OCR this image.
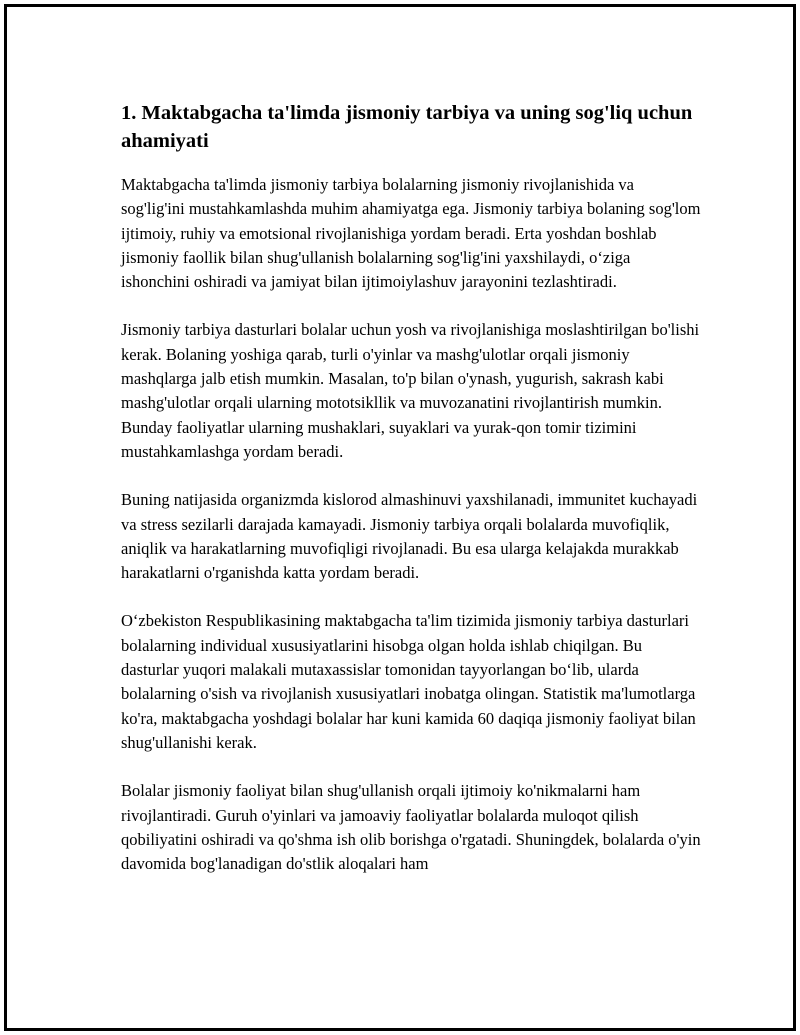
1. Maktabgacha ta'limda jismoniy tarbiya va uning sog'liq uchun ahamiyati

Maktabgacha ta'limda jismoniy tarbiya bolalarning jismoniy rivojlanishida va sog'lig'ini mustahkamlashda muhim ahamiyatga ega. Jismoniy tarbiya bolaning sog'lom ijtimoiy, ruhiy va emotsional rivojlanishiga yordam beradi. Erta yoshdan boshlab jismoniy faollik bilan shug'ullanish bolalarning sog'lig'ini yaxshilaydi, o‘ziga ishonchini oshiradi va jamiyat bilan ijtimoiylashuv jarayonini tezlashtiradi.

Jismoniy tarbiya dasturlari bolalar uchun yosh va rivojlanishiga moslashtirilgan bo'lishi kerak. Bolaning yoshiga qarab, turli o'yinlar va mashg'ulotlar orqali jismoniy mashqlarga jalb etish mumkin. Masalan, to'p bilan o'ynash, yugurish, sakrash kabi mashg'ulotlar orqali ularning mototsikllik va muvozanatini rivojlantirish mumkin. Bunday faoliyatlar ularning mushaklari, suyaklari va yurak-qon tomir tizimini mustahkamlashga yordam beradi.

Buning natijasida organizmda kislorod almashinuvi yaxshilanadi, immunitet kuchayadi va stress sezilarli darajada kamayadi. Jismoniy tarbiya orqali bolalarda muvofiqlik, aniqlik va harakatlarning muvofiqligi rivojlanadi. Bu esa ularga kelajakda murakkab harakatlarni o'rganishda katta yordam beradi.

O‘zbekiston Respublikasining maktabgacha ta'lim tizimida jismoniy tarbiya dasturlari bolalarning individual xususiyatlarini hisobga olgan holda ishlab chiqilgan. Bu dasturlar yuqori malakali mutaxassislar tomonidan tayyorlangan bo‘lib, ularda bolalarning o'sish va rivojlanish xususiyatlari inobatga olingan. Statistik ma'lumotlarga ko'ra, maktabgacha yoshdagi bolalar har kuni kamida 60 daqiqa jismoniy faoliyat bilan shug'ullanishi kerak.

Bolalar jismoniy faoliyat bilan shug'ullanish orqali ijtimoiy ko'nikmalarni ham rivojlantiradi. Guruh o'yinlari va jamoaviy faoliyatlar bolalarda muloqot qilish qobiliyatini oshiradi va qo'shma ish olib borishga o'rgatadi. Shuningdek, bolalarda o'yin davomida bog'lanadigan do'stlik aloqalari ham
